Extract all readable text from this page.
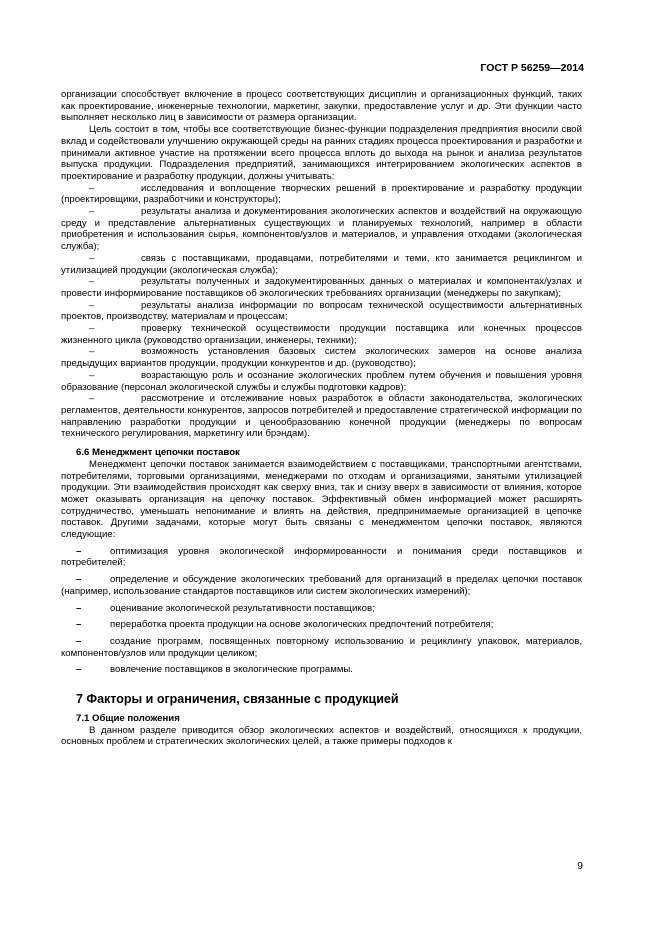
ГОСТ Р 56259—2014

организации способствует включение в процесс соответствующих дисциплин и организационных функций, таких как проектирование, инженерные технологии, маркетинг, закупки, предоставление услуг и др. Эти функции часто выполняет несколько лиц в зависимости от размера организации.

Цель состоит в том, чтобы все соответствующие бизнес-функции подразделения предприятия вносили свой вклад и содействовали улучшению окружающей среды на ранних стадиях процесса проектирования и разработки и принимали активное участие на протяжении всего процесса вплоть до выхода на рынок и анализа результатов выпуска продукции. Подразделения предприятий, занимающихся интегрированием экологических аспектов в проектирование и разработку продукции, должны учитывать:

–	исследования и воплощение творческих решений в проектирование и разработку продукции (проектировщики, разработчики и конструкторы);

–	результаты анализа и документирования экологических аспектов и воздействий на окружающую среду и представление альтернативных существующих и планируемых технологий, например в области приобретения и использования сырья, компонентов/узлов и материалов, и управления отходами (экологическая служба);

–	связь с поставщиками, продавцами, потребителями и теми, кто занимается рециклингом и утилизацией продукции (экологическая служба);

–	результаты полученных и задокументированных данных о материалах и компонентах/узлах и провести информирование поставщиков об экологических требованиях организации (менеджеры по закупкам);

–	результаты анализа информации по вопросам технической осуществимости альтернативных проектов, производству, материалам и процессам;

–	проверку технической осуществимости продукции поставщика или конечных процессов жизненного цикла (руководство организации, инженеры, техники);

–	возможность установления базовых систем экологических замеров на основе анализа предыдущих вариантов продукции, продукции конкурентов и др. (руководство);

–	возрастающую роль и осознание экологических проблем путем обучения и повышения уровня образование (персонал экологической службы и службы подготовки кадров);

–	рассмотрение и отслеживание новых разработок в области законодательства, экологических регламентов, деятельности конкурентов, запросов потребителей и предоставление стратегической информации по направлению разработки продукции и ценообразованию конечной продукции (менеджеры по вопросам технического регулирования, маркетингу или брэндам).

6.6 Менеджмент цепочки поставок

Менеджмент цепочки поставок занимается взаимодействием с поставщиками, транспортными агентствами, потребителями, торговыми организациями, менеджерами по отходам и организациями, занятыми утилизацией продукции. Эти взаимодействия происходят как сверху вниз, так и снизу вверх в зависимости от влияния, которое может оказывать организация на цепочку поставок. Эффективный обмен информацией может расширять сотрудничество, уменьшать непонимание и влиять на действия, предпринимаемые организацией в цепочке поставок. Другими задачами, которые могут быть связаны с менеджментом цепочки поставок, являются следующие:

–	оптимизация уровня экологической информированности и понимания среди поставщиков и потребителей;

–	определение и обсуждение экологических требований для организаций в пределах цепочки поставок (например, использование стандартов поставщиков или систем экологических измерений);

–	оценивание экологической результативности поставщиков;

–	переработка проекта продукции на основе экологических предпочтений потребителя;

–	создание программ, посвященных повторному использованию и рециклингу упаковок, материалов, компонентов/узлов или продукции целиком;

–	вовлечение поставщиков в экологические программы.

7 Факторы и ограничения, связанные с продукцией

7.1 Общие положения

В данном разделе приводится обзор экологических аспектов и воздействий, относящихся к продукции, основных проблем и стратегических экологических целей, а также примеры подходов к

9
